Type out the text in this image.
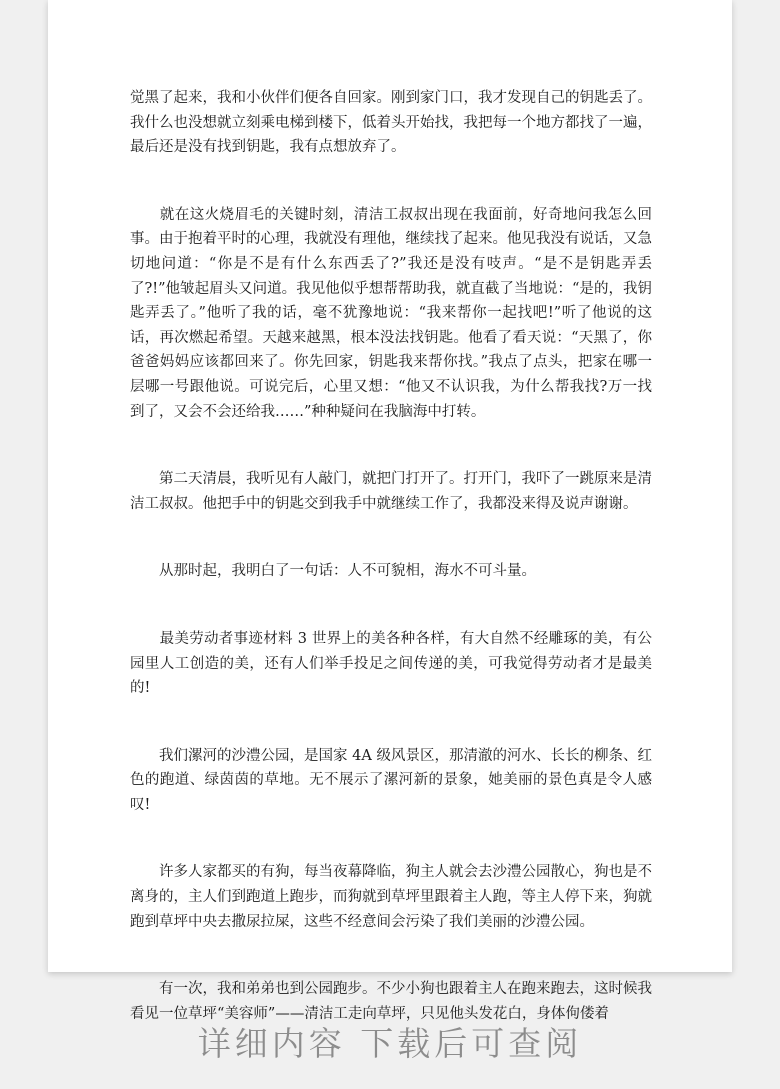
觉黑了起来，我和小伙伴们便各自回家。刚到家门口，我才发现自己的钥匙丢了。我什么也没想就立刻乘电梯到楼下，低着头开始找，我把每一个地方都找了一遍，最后还是没有找到钥匙，我有点想放弃了。

　　就在这火烧眉毛的关键时刻，清洁工叔叔出现在我面前，好奇地问我怎么回事。由于抱着平时的心理，我就没有理他，继续找了起来。他见我没有说话，又急切地问道：“你是不是有什么东西丢了?”我还是没有吱声。“是不是钥匙弄丢了?!”他皱起眉头又问道。我见他似乎想帮帮助我，就直截了当地说：“是的，我钥匙弄丢了。”他听了我的话，毫不犹豫地说：“我来帮你一起找吧!”听了他说的这话，再次燃起希望。天越来越黑，根本没法找钥匙。他看了看天说：“天黑了，你爸爸妈妈应该都回来了。你先回家，钥匙我来帮你找。”我点了点头，把家在哪一层哪一号跟他说。可说完后，心里又想：“他又不认识我，为什么帮我找?万一找到了，又会不会还给我……”种种疑问在我脑海中打转。

　　第二天清晨，我听见有人敲门，就把门打开了。打开门，我吓了一跳原来是清洁工叔叔。他把手中的钥匙交到我手中就继续工作了，我都没来得及说声谢谢。

　　从那时起，我明白了一句话：人不可貌相，海水不可斗量。

　　最美劳动者事迹材料 3 世界上的美各种各样，有大自然不经雕琢的美，有公园里人工创造的美，还有人们举手投足之间传递的美，可我觉得劳动者才是最美的!

　　我们漯河的沙澧公园，是国家 4A 级风景区，那清澈的河水、长长的柳条、红色的跑道、绿茵茵的草地。无不展示了漯河新的景象，她美丽的景色真是令人感叹!

　　许多人家都买的有狗，每当夜幕降临，狗主人就会去沙澧公园散心，狗也是不离身的，主人们到跑道上跑步，而狗就到草坪里跟着主人跑，等主人停下来，狗就跑到草坪中央去撒尿拉屎，这些不经意间会污染了我们美丽的沙澧公园。

　　有一次，我和弟弟也到公园跑步。不少小狗也跟着主人在跑来跑去，这时候我看见一位草坪“美容师”——清洁工走向草坪，只见他头发花白，身体佝偻着

详细内容 下载后可查阅
